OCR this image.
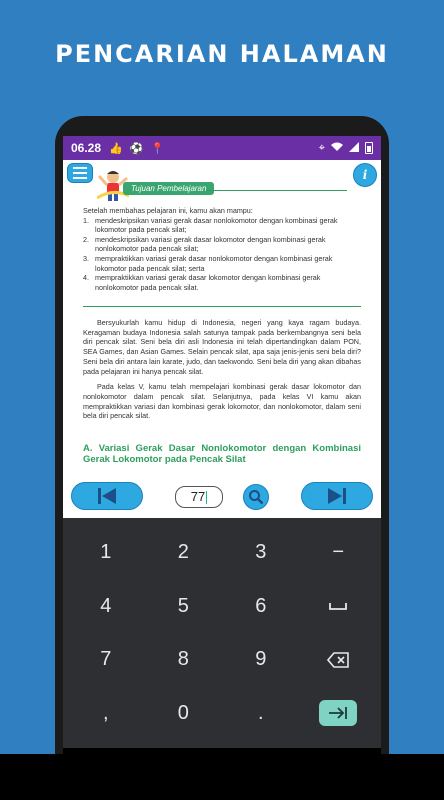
PENCARIAN HALAMAN
06.28 👍 ⚽ 📍	⌖
i
Tujuan Pembelajaran
Setelah membahas pelajaran ini, kamu akan mampu:
1. mendeskripsikan variasi gerak dasar nonlokomotor dengan kombinasi gerak lokomotor pada pencak silat;
2. mendeskripsikan variasi gerak dasar lokomotor dengan kombinasi gerak nonlokomotor pada pencak silat;
3. mempraktikkan variasi gerak dasar nonlokomotor dengan kombinasi gerak lokomotor pada pencak silat; serta
4. mempraktikkan variasi gerak dasar lokomotor dengan kombinasi gerak nonlokomotor pada pencak silat.

Bersyukurlah kamu hidup di Indonesia, negeri yang kaya ragam budaya. Keragaman budaya Indonesia salah satunya tampak pada berkembangnya seni bela diri pencak silat. Seni bela diri asli Indonesia ini telah dipertandingkan dalam PON, SEA Games, dan Asian Games. Selain pencak silat, apa saja jenis-jenis seni bela diri? Seni bela diri antara lain karate, judo, dan taekwondo. Seni bela diri yang akan dibahas pada pelajaran ini hanya pencak silat.

Pada kelas V, kamu telah mempelajari kombinasi gerak dasar lokomotor dan nonlokomotor dalam pencak silat. Selanjutnya, pada kelas VI kamu akan mempraktikkan variasi dan kombinasi gerak lokomotor, dan nonlokomotor, dalam seni bela diri pencak silat.

A. Variasi Gerak Dasar Nonlokomotor dengan Kombinasi Gerak Lokomotor pada Pencak Silat
77
1	2	3	−
4	5	6
7	8	9
,	0	.
